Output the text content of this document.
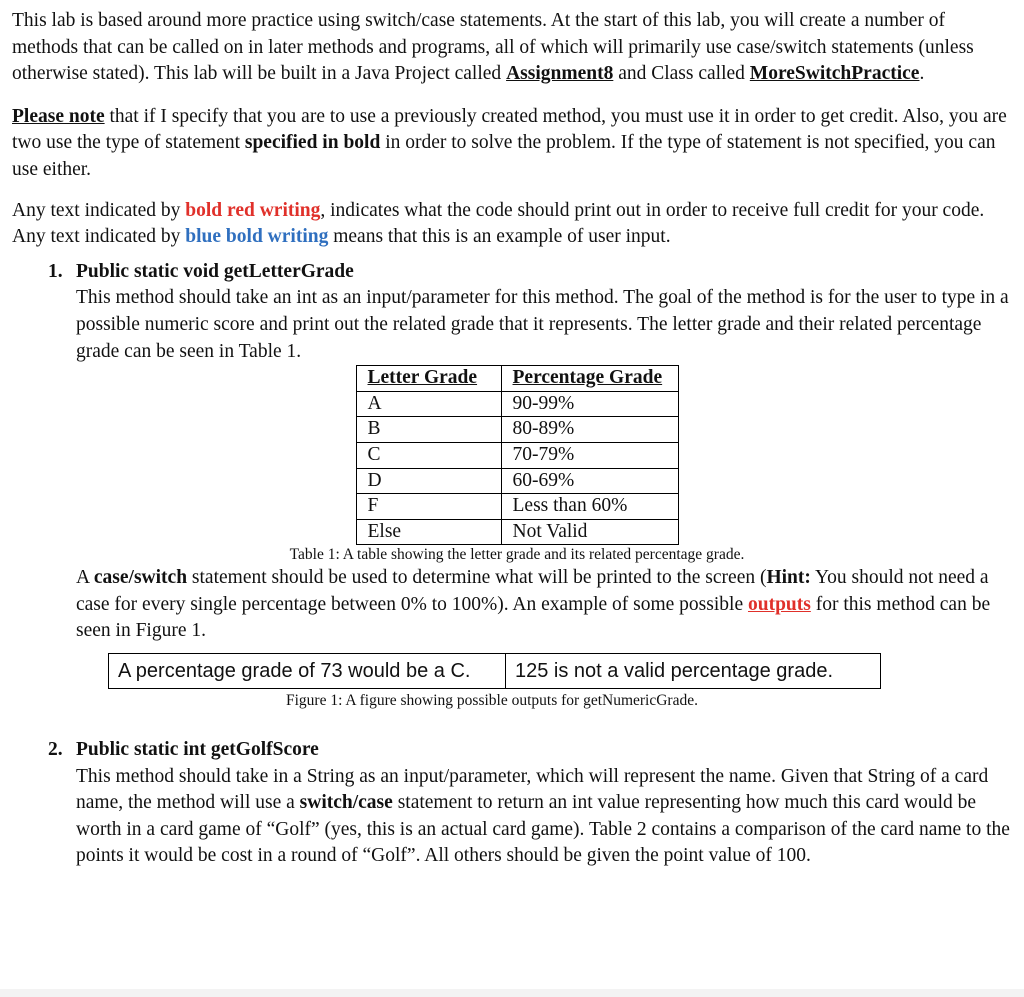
This lab is based around more practice using switch/case statements. At the start of this lab, you will create a number of methods that can be called on in later methods and programs, all of which will primarily use case/switch statements (unless otherwise stated). This lab will be built in a Java Project called Assignment8 and Class called MoreSwitchPractice.

Please note that if I specify that you are to use a previously created method, you must use it in order to get credit. Also, you are two use the type of statement specified in bold in order to solve the problem. If the type of statement is not specified, you can use either.

Any text indicated by bold red writing, indicates what the code should print out in order to receive full credit for your code. Any text indicated by blue bold writing means that this is an example of user input.

1. Public static void getLetterGrade

This method should take an int as an input/parameter for this method. The goal of the method is for the user to type in a possible numeric score and print out the related grade that it represents. The letter grade and their related percentage grade can be seen in Table 1.

Letter Grade	Percentage Grade
A	90-99%
B	80-89%
C	70-79%
D	60-69%
F	Less than 60%
Else	Not Valid

Table 1: A table showing the letter grade and its related percentage grade.

A case/switch statement should be used to determine what will be printed to the screen (Hint: You should not need a case for every single percentage between 0% to 100%). An example of some possible outputs for this method can be seen in Figure 1.

A percentage grade of 73 would be a C.	125 is not a valid percentage grade.

Figure 1: A figure showing possible outputs for getNumericGrade.

2. Public static int getGolfScore

This method should take in a String as an input/parameter, which will represent the name. Given that String of a card name, the method will use a switch/case statement to return an int value representing how much this card would be worth in a card game of “Golf” (yes, this is an actual card game). Table 2 contains a comparison of the card name to the points it would be cost in a round of “Golf”. All others should be given the point value of 100.
